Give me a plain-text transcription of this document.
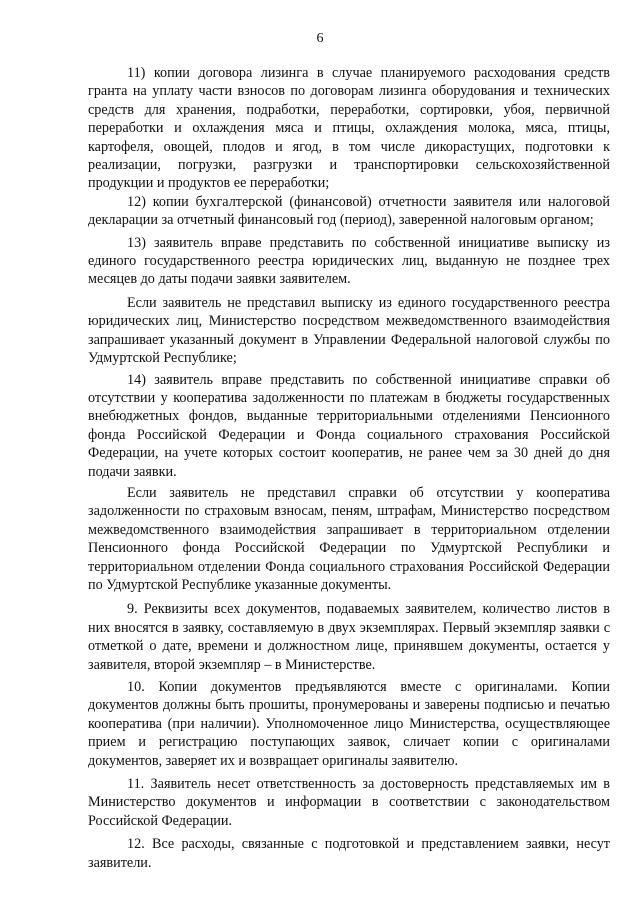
6

11) копии договора лизинга в случае планируемого расходования средств гранта на уплату части взносов по договорам лизинга оборудования и технических средств для хранения, подработки, переработки, сортировки, убоя, первичной переработки и охлаждения мяса и птицы, охлаждения молока, мяса, птицы, картофеля, овощей, плодов и ягод, в том числе дикорастущих, подготовки к реализации, погрузки, разгрузки и транспортировки сельскохозяйственной продукции и продуктов ее переработки;

12) копии бухгалтерской (финансовой) отчетности заявителя или налоговой декларации за отчетный финансовый год (период), заверенной налоговым органом;

13) заявитель вправе представить по собственной инициативе выписку из единого государственного реестра юридических лиц, выданную не позднее трех месяцев до даты подачи заявки заявителем.

Если заявитель не представил выписку из единого государственного реестра юридических лиц, Министерство посредством межведомственного взаимодействия запрашивает указанный документ в Управлении Федеральной налоговой службы по Удмуртской Республике;

14) заявитель вправе представить по собственной инициативе справки об отсутствии у кооператива задолженности по платежам в бюджеты государственных внебюджетных фондов, выданные территориальными отделениями Пенсионного фонда Российской Федерации и Фонда социального страхования Российской Федерации, на учете которых состоит кооператив, не ранее чем за 30 дней до дня подачи заявки.

Если заявитель не представил справки об отсутствии у кооператива задолженности по страховым взносам, пеням, штрафам, Министерство посредством межведомственного взаимодействия запрашивает в территориальном отделении Пенсионного фонда Российской Федерации по Удмуртской Республики и территориальном отделении Фонда социального страхования Российской Федерации по Удмуртской Республике указанные документы.

9. Реквизиты всех документов, подаваемых заявителем, количество листов в них вносятся в заявку, составляемую в двух экземплярах. Первый экземпляр заявки с отметкой о дате, времени и должностном лице, принявшем документы, остается у заявителя, второй экземпляр – в Министерстве.

10. Копии документов предъявляются вместе с оригиналами. Копии документов должны быть прошиты, пронумерованы и заверены подписью и печатью кооператива (при наличии). Уполномоченное лицо Министерства, осуществляющее прием и регистрацию поступающих заявок, сличает копии с оригиналами документов, заверяет их и возвращает оригиналы заявителю.

11. Заявитель несет ответственность за достоверность представляемых им в Министерство документов и информации в соответствии с законодательством Российской Федерации.

12. Все расходы, связанные с подготовкой и представлением заявки, несут заявители.
